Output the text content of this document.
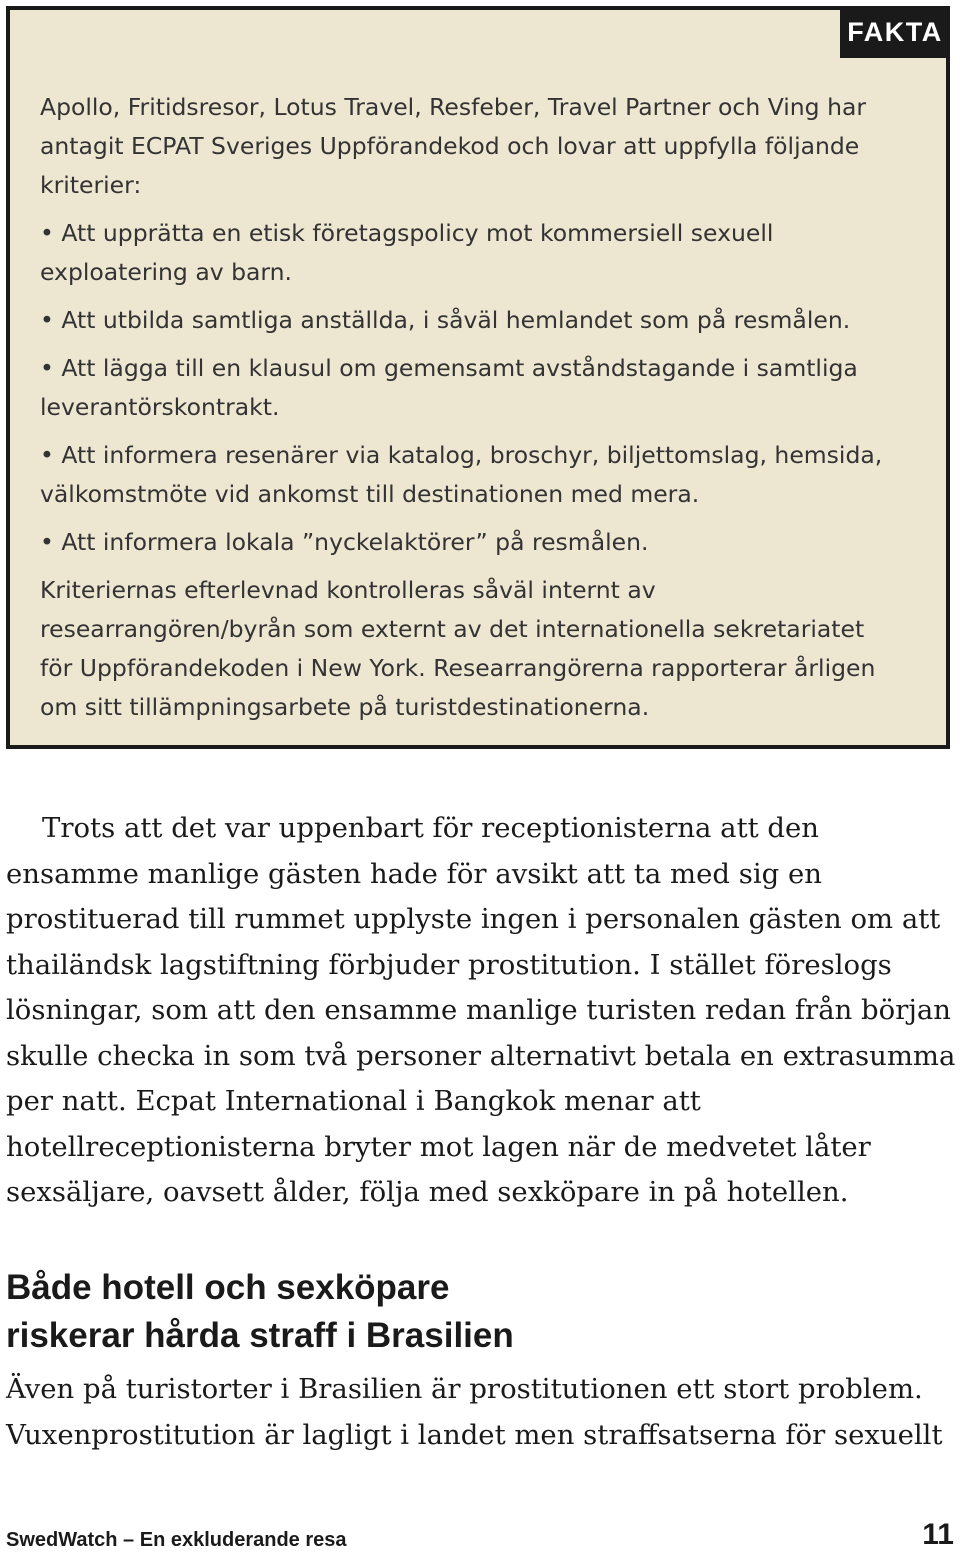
FAKTA

Apollo, Fritidsresor, Lotus Travel, Resfeber, Travel Partner och Ving har antagit ECPAT Sveriges Uppförandekod och lovar att uppfylla följande kriterier:

• Att upprätta en etisk företagspolicy mot kommersiell sexuell exploatering av barn.

• Att utbilda samtliga anställda, i såväl hemlandet som på resmålen.

• Att lägga till en klausul om gemensamt avståndstagande i samtliga leverantörskontrakt.

• Att informera resenärer via katalog, broschyr, biljettomslag, hemsida, välkomstmöte vid ankomst till destinationen med mera.

• Att informera lokala ”nyckelaktörer” på resmålen.

Kriteriernas efterlevnad kontrolleras såväl internt av researrangören/byrån som externt av det internationella sekretariatet för Uppförandekoden i New York. Researrangörerna rapporterar årligen om sitt tillämpningsarbete på turistdestinationerna.

Trots att det var uppenbart för receptionisterna att den ensamme manlige gästen hade för avsikt att ta med sig en prostituerad till rummet upplyste ingen i personalen gästen om att thailändsk lagstiftning förbjuder prostitution. I stället föreslogs lösningar, som att den ensamme manlige turisten redan från början skulle checka in som två personer alternativt betala en extrasumma per natt. Ecpat International i Bangkok menar att hotellreceptionisterna bryter mot lagen när de medvetet låter sexsäljare, oavsett ålder, följa med sexköpare in på hotellen.

Både hotell och sexköpare
riskerar hårda straff i Brasilien

Även på turistorter i Brasilien är prostitutionen ett stort problem. Vuxenprostitution är lagligt i landet men straffsatserna för sexuellt

SwedWatch – En exkluderande resa	11
